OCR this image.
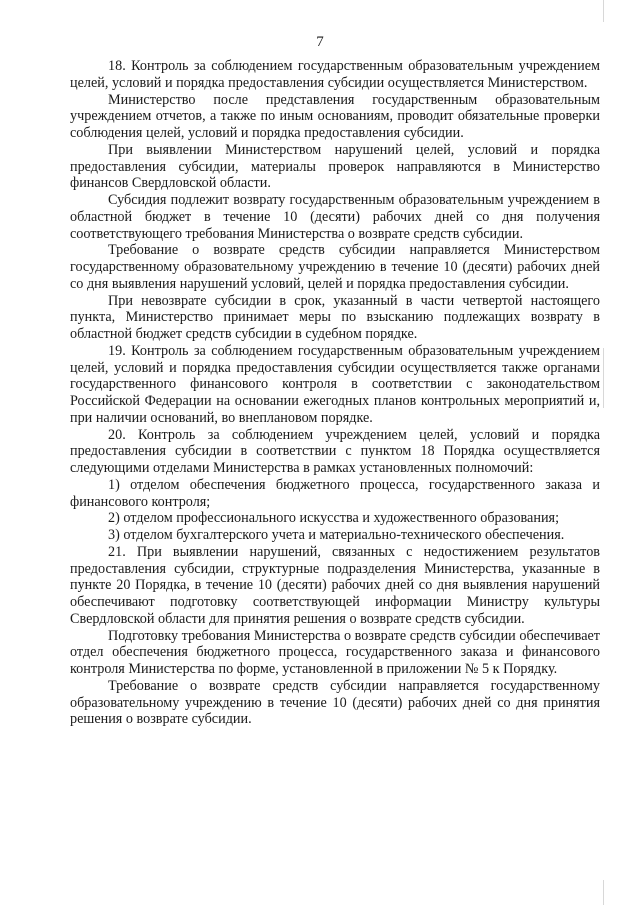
7

18. Контроль за соблюдением государственным образовательным учреждением целей, условий и порядка предоставления субсидии осуществляется Министерством.

Министерство после представления государственным образовательным учреждением отчетов, а также по иным основаниям, проводит обязательные проверки соблюдения целей, условий и порядка предоставления субсидии.

При выявлении Министерством нарушений целей, условий и порядка предоставления субсидии, материалы проверок направляются в Министерство финансов Свердловской области.

Субсидия подлежит возврату государственным образовательным учреждением в областной бюджет в течение 10 (десяти) рабочих дней со дня получения соответствующего требования Министерства о возврате средств субсидии.

Требование о возврате средств субсидии направляется Министерством государственному образовательному учреждению в течение 10 (десяти) рабочих дней со дня выявления нарушений условий, целей и порядка предоставления субсидии.

При невозврате субсидии в срок, указанный в части четвертой настоящего пункта, Министерство принимает меры по взысканию подлежащих возврату в областной бюджет средств субсидии в судебном порядке.

19. Контроль за соблюдением государственным образовательным учреждением целей, условий и порядка предоставления субсидии осуществляется также органами государственного финансового контроля в соответствии с законодательством Российской Федерации на основании ежегодных планов контрольных мероприятий и, при наличии оснований, во внеплановом порядке.

20. Контроль за соблюдением учреждением целей, условий и порядка предоставления субсидии в соответствии с пунктом 18 Порядка осуществляется следующими отделами Министерства в рамках установленных полномочий:

1) отделом обеспечения бюджетного процесса, государственного заказа и финансового контроля;

2) отделом профессионального искусства и художественного образования;

3) отделом бухгалтерского учета и материально-технического обеспечения.

21. При выявлении нарушений, связанных с недостижением результатов предоставления субсидии, структурные подразделения Министерства, указанные в пункте 20 Порядка, в течение 10 (десяти) рабочих дней со дня выявления нарушений обеспечивают подготовку соответствующей информации Министру культуры Свердловской области для принятия решения о возврате средств субсидии.

Подготовку требования Министерства о возврате средств субсидии обеспечивает отдел обеспечения бюджетного процесса, государственного заказа и финансового контроля Министерства по форме, установленной в приложении № 5 к Порядку.

Требование о возврате средств субсидии направляется государственному образовательному учреждению в течение 10 (десяти) рабочих дней со дня принятия решения о возврате субсидии.
